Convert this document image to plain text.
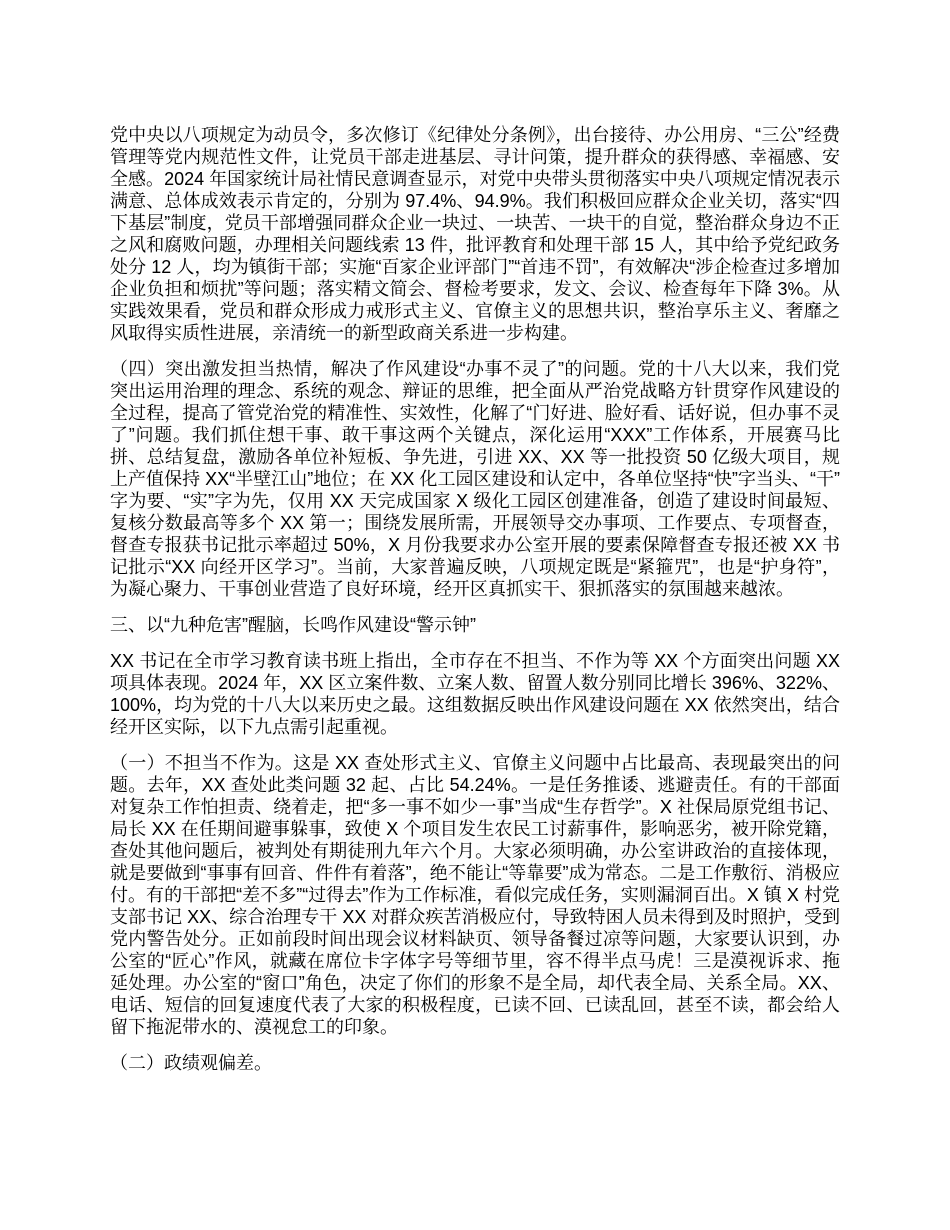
党中央以八项规定为动员令，多次修订《纪律处分条例》，出台接待、办公用房、“三公”经费管理等党内规范性文件，让党员干部走进基层、寻计问策，提升群众的获得感、幸福感、安全感。2024 年国家统计局社情民意调查显示，对党中央带头贯彻落实中央八项规定情况表示满意、总体成效表示肯定的，分别为 97.4%、94.9%。我们积极回应群众企业关切，落实“四下基层”制度，党员干部增强同群众企业一块过、一块苦、一块干的自觉，整治群众身边不正之风和腐败问题，办理相关问题线索 13 件，批评教育和处理干部 15 人，其中给予党纪政务处分 12 人，均为镇街干部；实施“百家企业评部门”“首违不罚”，有效解决“涉企检查过多增加企业负担和烦扰”等问题；落实精文简会、督检考要求，发文、会议、检查每年下降 3%。从实践效果看，党员和群众形成力戒形式主义、官僚主义的思想共识，整治享乐主义、奢靡之风取得实质性进展，亲清统一的新型政商关系进一步构建。

（四）突出激发担当热情，解决了作风建设“办事不灵了”的问题。党的十八大以来，我们党突出运用治理的理念、系统的观念、辩证的思维，把全面从严治党战略方针贯穿作风建设的全过程，提高了管党治党的精准性、实效性，化解了“门好进、脸好看、话好说，但办事不灵了”问题。我们抓住想干事、敢干事这两个关键点，深化运用“XXX”工作体系，开展赛马比拼、总结复盘，激励各单位补短板、争先进，引进 XX、XX 等一批投资 50 亿级大项目，规上产值保持 XX“半壁江山”地位；在 XX 化工园区建设和认定中，各单位坚持“快”字当头、“干”字为要、“实”字为先，仅用 XX 天完成国家 X 级化工园区创建准备，创造了建设时间最短、复核分数最高等多个 XX 第一；围绕发展所需，开展领导交办事项、工作要点、专项督查，督查专报获书记批示率超过 50%，X 月份我要求办公室开展的要素保障督查专报还被 XX 书记批示“XX 向经开区学习”。当前，大家普遍反映，八项规定既是“紧箍咒”，也是“护身符”，为凝心聚力、干事创业营造了良好环境，经开区真抓实干、狠抓落实的氛围越来越浓。

三、以“九种危害”醒脑，长鸣作风建设“警示钟”

XX 书记在全市学习教育读书班上指出，全市存在不担当、不作为等 XX 个方面突出问题 XX 项具体表现。2024 年，XX 区立案件数、立案人数、留置人数分别同比增长 396%、322%、100%，均为党的十八大以来历史之最。这组数据反映出作风建设问题在 XX 依然突出，结合经开区实际，以下九点需引起重视。

（一）不担当不作为。这是 XX 查处形式主义、官僚主义问题中占比最高、表现最突出的问题。去年，XX 查处此类问题 32 起、占比 54.24%。一是任务推诿、逃避责任。有的干部面对复杂工作怕担责、绕着走，把“多一事不如少一事”当成“生存哲学”。X 社保局原党组书记、局长 XX 在任期间避事躲事，致使 X 个项目发生农民工讨薪事件，影响恶劣，被开除党籍，查处其他问题后，被判处有期徒刑九年六个月。大家必须明确，办公室讲政治的直接体现，就是要做到“事事有回音、件件有着落”，绝不能让“等靠要”成为常态。二是工作敷衍、消极应付。有的干部把“差不多”“过得去”作为工作标准，看似完成任务，实则漏洞百出。X 镇 X 村党支部书记 XX、综合治理专干 XX 对群众疾苦消极应付，导致特困人员未得到及时照护，受到党内警告处分。正如前段时间出现会议材料缺页、领导备餐过凉等问题，大家要认识到，办公室的“匠心”作风，就藏在席位卡字体字号等细节里，容不得半点马虎！三是漠视诉求、拖延处理。办公室的“窗口”角色，决定了你们的形象不是全局，却代表全局、关系全局。XX、电话、短信的回复速度代表了大家的积极程度，已读不回、已读乱回，甚至不读，都会给人留下拖泥带水的、漠视怠工的印象。

（二）政绩观偏差。
